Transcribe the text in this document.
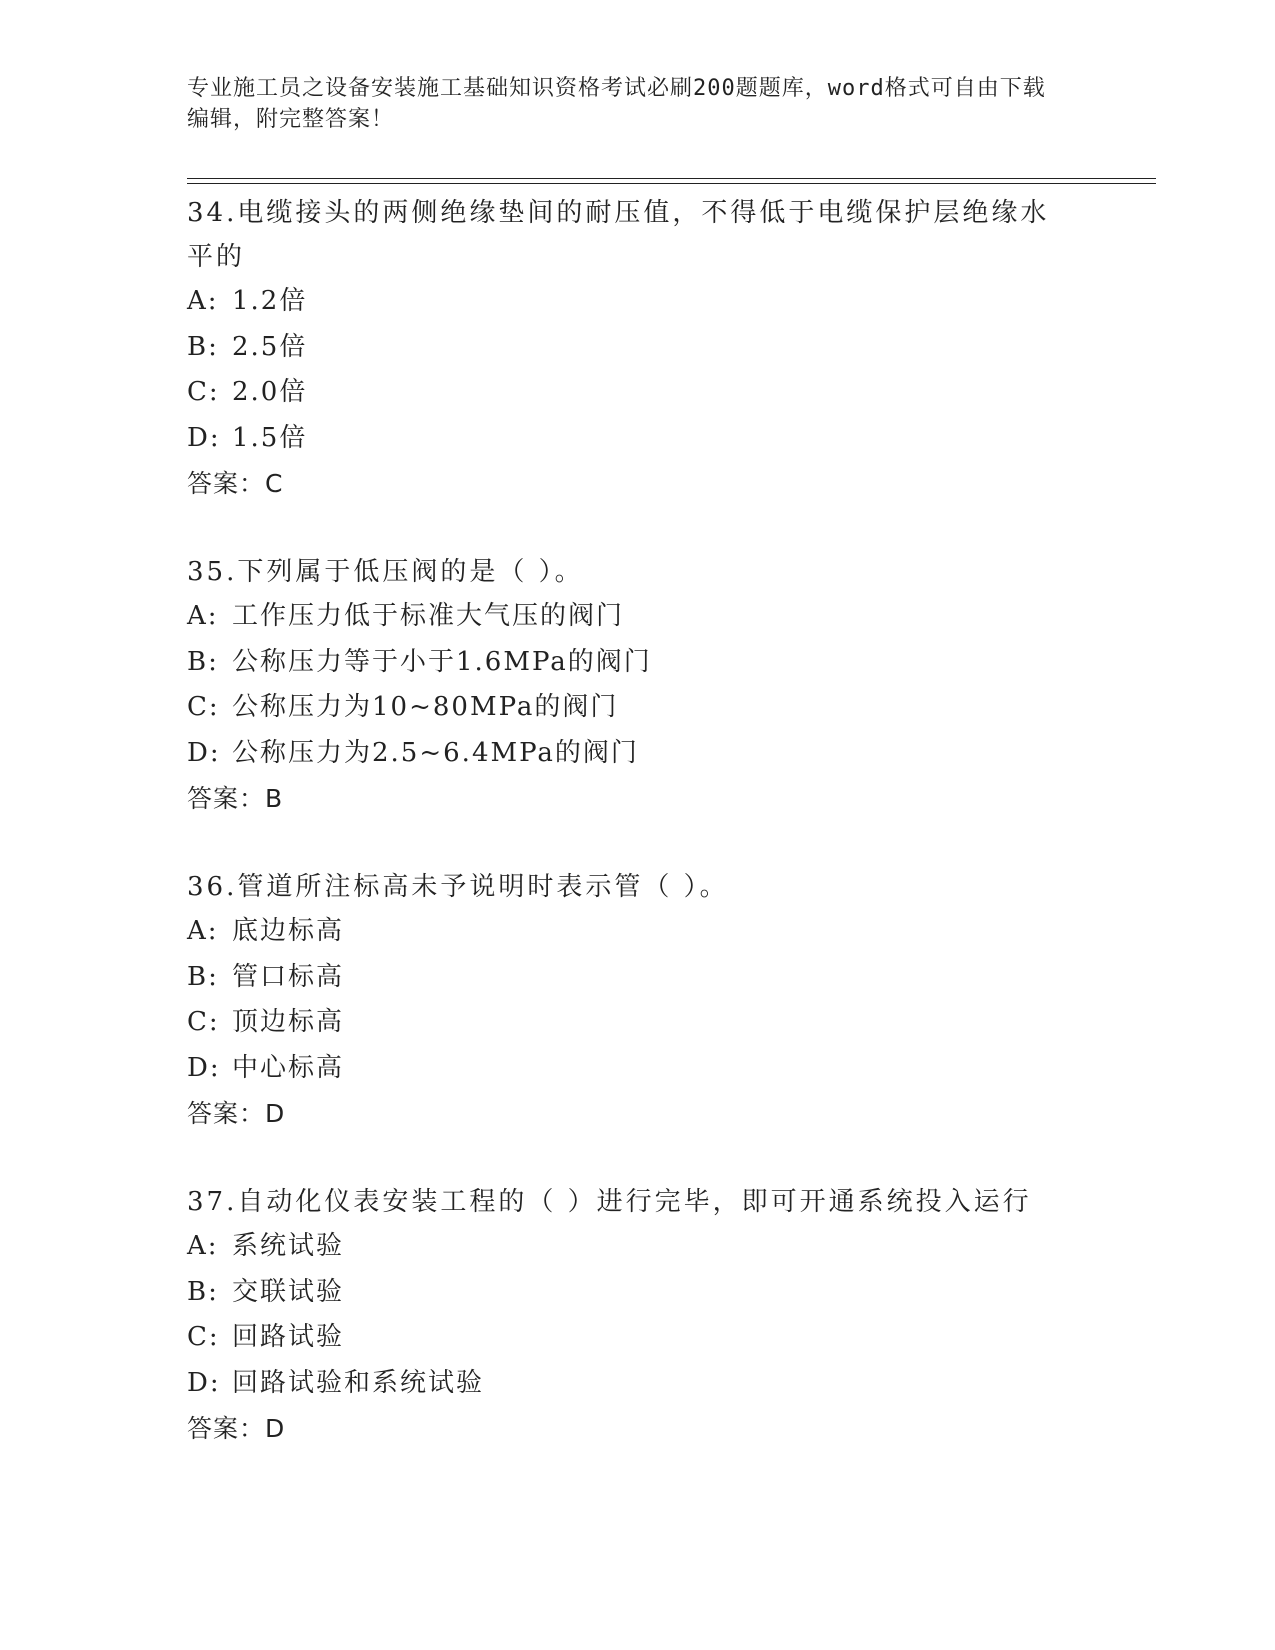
专业施工员之设备安装施工基础知识资格考试必刷200题题库，word格式可自由下载编辑，附完整答案！
34.电缆接头的两侧绝缘垫间的耐压值，不得低于电缆保护层绝缘水平的
A: 1.2倍
B: 2.5倍
C: 2.0倍
D: 1.5倍
答案：C
35.下列属于低压阀的是（ ）。
A: 工作压力低于标准大气压的阀门
B: 公称压力等于小于1.6MPa的阀门
C: 公称压力为10~80MPa的阀门
D: 公称压力为2.5~6.4MPa的阀门
答案：B
36.管道所注标高未予说明时表示管（ ）。
A: 底边标高
B: 管口标高
C: 顶边标高
D: 中心标高
答案：D
37.自动化仪表安装工程的（ ）进行完毕，即可开通系统投入运行
A: 系统试验
B: 交联试验
C: 回路试验
D: 回路试验和系统试验
答案：D
